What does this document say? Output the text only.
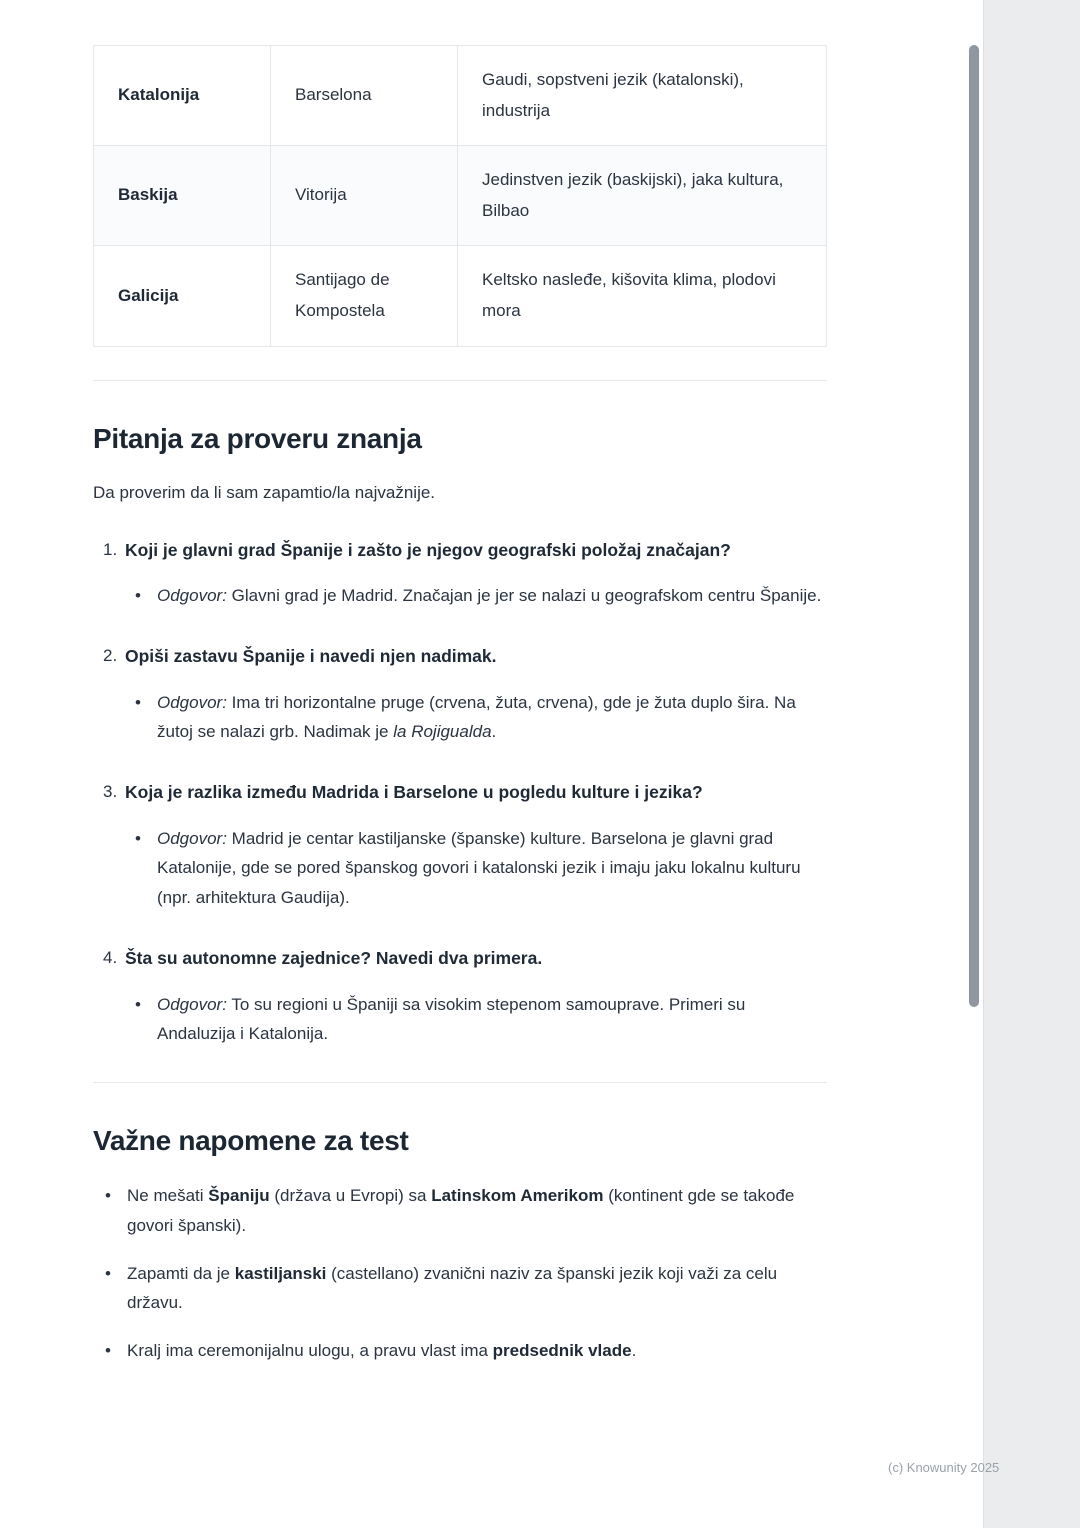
Katalonija	Barselona	Gaudi, sopstveni jezik (katalonski), industrija
Baskija	Vitorija	Jedinstven jezik (baskijski), jaka kultura, Bilbao
Galicija	Santijago de Kompostela	Keltsko nasleđe, kišovita klima, plodovi mora
Pitanja za proveru znanja

Da proverim da li sam zapamtio/la najvažnije.

1. Koji je glavni grad Španije i zašto je njegov geografski položaj značajan?
• Odgovor: Glavni grad je Madrid. Značajan je jer se nalazi u geografskom centru Španije.
2. Opiši zastavu Španije i navedi njen nadimak.
• Odgovor: Ima tri horizontalne pruge (crvena, žuta, crvena), gde je žuta duplo šira. Na žutoj se nalazi grb. Nadimak je la Rojigualda.
3. Koja je razlika između Madrida i Barselone u pogledu kulture i jezika?
• Odgovor: Madrid je centar kastiljanske (španske) kulture. Barselona je glavni grad Katalonije, gde se pored španskog govori i katalonski jezik i imaju jaku lokalnu kulturu (npr. arhitektura Gaudija).
4. Šta su autonomne zajednice? Navedi dva primera.
• Odgovor: To su regioni u Španiji sa visokim stepenom samouprave. Primeri su Andaluzija i Katalonija.
Važne napomene za test
• Ne mešati Španiju (država u Evropi) sa Latinskom Amerikom (kontinent gde se takođe govori španski).
• Zapamti da je kastiljanski (castellano) zvanični naziv za španski jezik koji važi za celu državu.
• Kralj ima ceremonijalnu ulogu, a pravu vlast ima predsednik vlade.
(c) Knowunity 2025
